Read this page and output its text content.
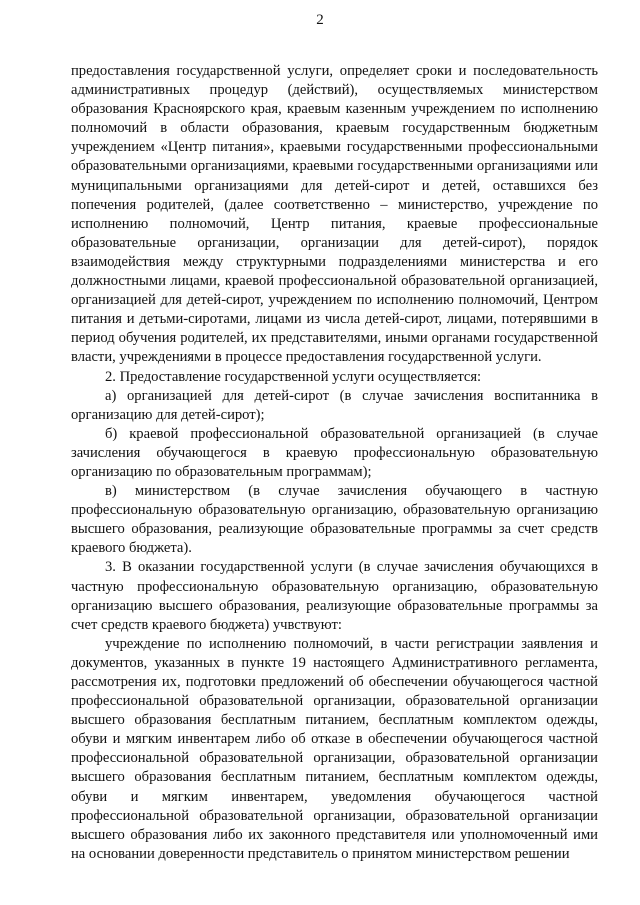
2

предоставления государственной услуги, определяет сроки и последовательность административных процедур (действий), осуществляемых министерством образования Красноярского края, краевым казенным учреждением по исполнению полномочий в области образования, краевым государственным бюджетным учреждением «Центр питания», краевыми государственными профессиональными образовательными организациями, краевыми государственными организациями или муниципальными организациями для детей-сирот и детей, оставшихся без попечения родителей, (далее соответственно – министерство, учреждение по исполнению полномочий, Центр питания, краевые профессиональные образовательные организации, организации для детей-сирот), порядок взаимодействия между структурными подразделениями министерства и его должностными лицами, краевой профессиональной образовательной организацией, организацией для детей-сирот, учреждением по исполнению полномочий, Центром питания и детьми-сиротами, лицами из числа детей-сирот, лицами, потерявшими в период обучения родителей, их представителями, иными органами государственной власти, учреждениями в процессе предоставления государственной услуги.

2. Предоставление государственной услуги осуществляется:

а) организацией для детей-сирот (в случае зачисления воспитанника в организацию для детей-сирот);

б) краевой профессиональной образовательной организацией (в случае зачисления обучающегося в краевую профессиональную образовательную организацию по образовательным программам);

в) министерством (в случае зачисления обучающего в частную профессиональную образовательную организацию, образовательную организацию высшего образования, реализующие образовательные программы за счет средств краевого бюджета).

3. В оказании государственной услуги (в случае зачисления обучающихся в частную профессиональную образовательную организацию, образовательную организацию высшего образования, реализующие образовательные программы за счет средств краевого бюджета) учвствуют:

учреждение по исполнению полномочий, в части регистрации заявления и документов, указанных в пункте 19 настоящего Административного регламента, рассмотрения их, подготовки предложений об обеспечении обучающегося частной профессиональной образовательной организации, образовательной организации высшего образования бесплатным питанием, бесплатным комплектом одежды, обуви и мягким инвентарем либо об отказе в обеспечении обучающегося частной профессиональной образовательной организации, образовательной организации высшего образования бесплатным питанием, бесплатным комплектом одежды, обуви и мягким инвентарем, уведомления обучающегося частной профессиональной образовательной организации, образовательной организации высшего образования либо их законного представителя или уполномоченный ими на основании доверенности представитель о принятом министерством решении
